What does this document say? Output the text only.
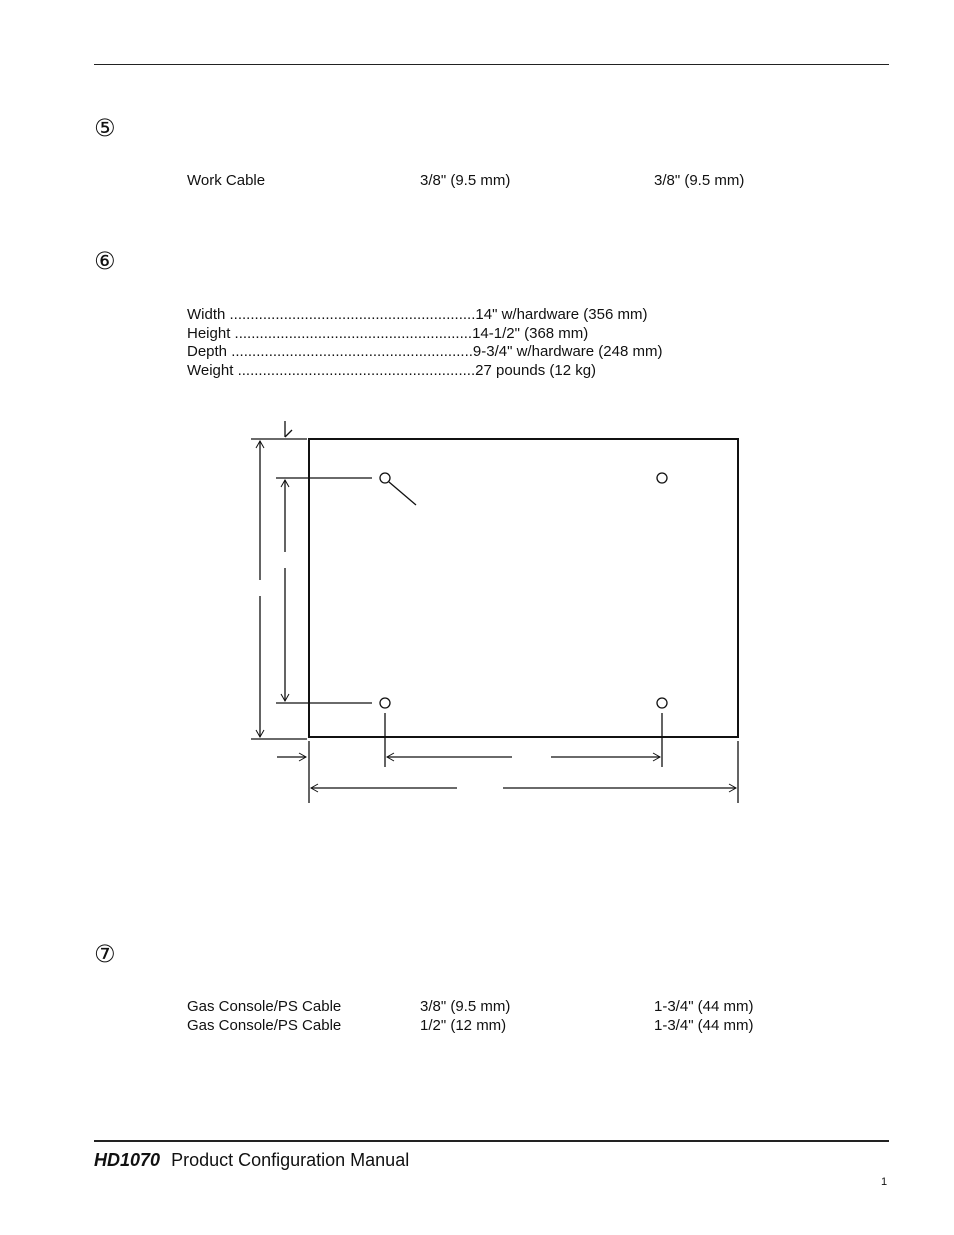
⑤
Work Cable	3/8" (9.5 mm)	3/8" (9.5 mm)
⑥
Width ...........................................................14" w/hardware (356 mm)
Height .........................................................14-1/2" (368 mm)
Depth ..........................................................9-3/4" w/hardware (248 mm)
Weight .........................................................27 pounds (12 kg)
⑦
Gas Console/PS Cable	3/8" (9.5 mm)	1-3/4" (44 mm)
Gas Console/PS Cable	1/2" (12 mm)	1-3/4" (44 mm)
HD1070 Product Configuration Manual
1
